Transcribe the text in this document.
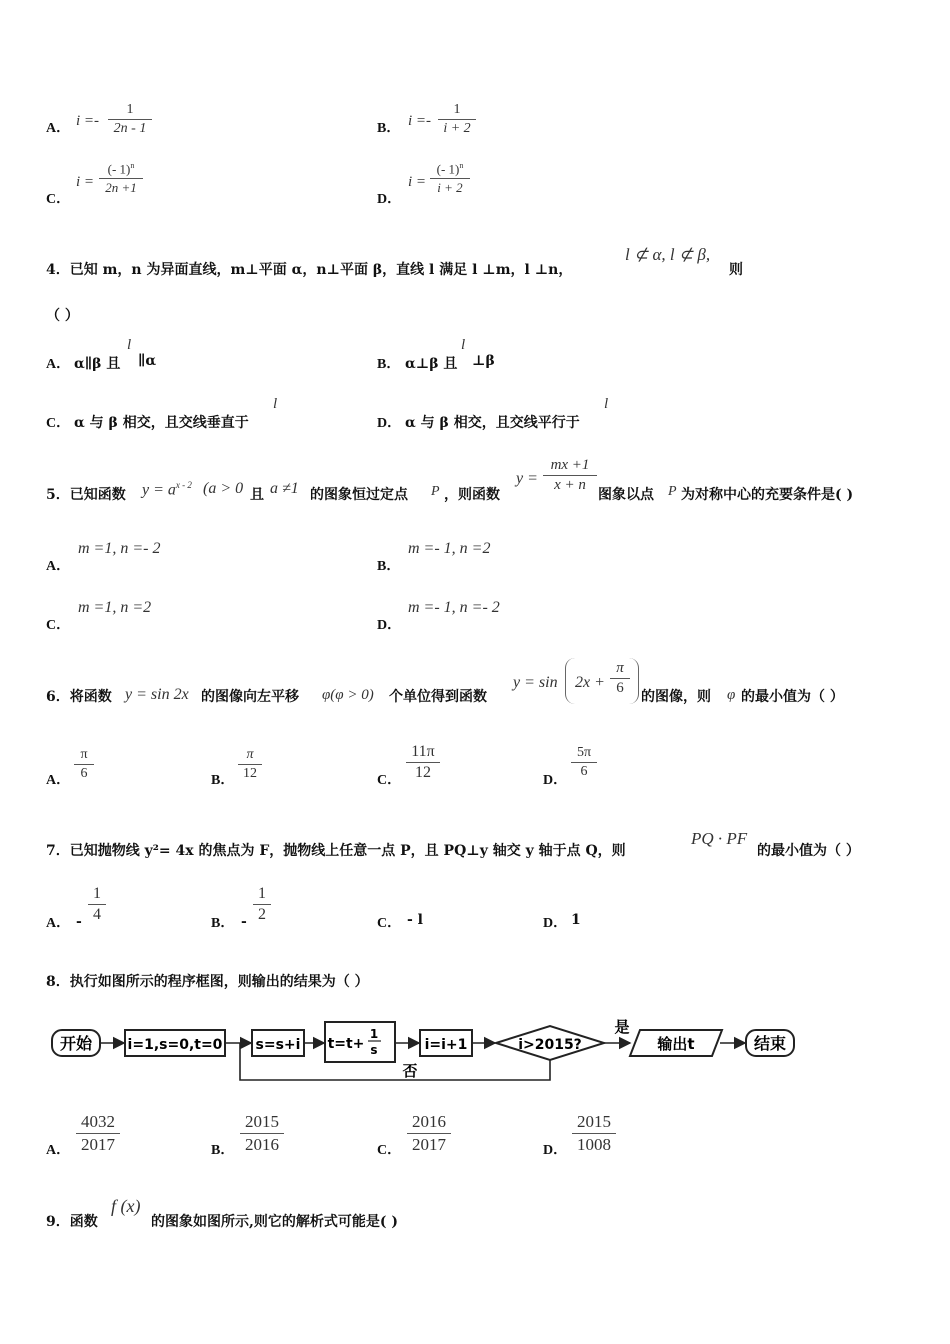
A． i =-
1
2n - 1	B． i =-
1
i + 2
C．
i =
(- 1)$^n$
2n +1
D．
i =
(- 1)$^n$
i + 2
4．已知 m，n 为异面直线，m⊥平面 α，n⊥平面 β，直线 l 满足 l ⊥m，l ⊥n，
l ⊄ α, l ⊄ β,
则
（ ）
A． α∥β 且
l
∥α	B． α⊥β 且
l
⊥β
C． α 与 β 相交，且交线垂直于
l
D． α 与 β 相交，且交线平行于
l
5．已知函数 $y = a^{x - 2}$ (a > 0 且 a ≠1 的图象恒过定点 P ，则函数
y =
mx +1
x + n
图象以点 P 为对称中心的充要条件是( )
A．
m =1, n =- 2
B．
m =- 1, n =2
C．
m =1, n =2
D．
m =- 1, n =- 2
6．将函数 y = sin 2x 的图像向左平移 φ(φ > 0) 个单位得到函数
y = sin 2x +
π
6
的图像，则 φ 的最小值为（ ）
A．
π
6	B．
π
12	C．
11π
12	D．
5π
6
7．已知抛物线 y²= 4x 的焦点为 F，抛物线上任意一点 P，且 PQ⊥y 轴交 y 轴于点 Q，则
PQ · PF
的最小值为（ ）
A． -
1
4
B． -
1
2
C． - l	D． 1
8．执行如图所示的程序框图，则输出的结果为（ ）
开始	i=1,s=0,t=0 s=s+i t=t+
1
s	i=i+1	i>2015?
是
输出t	结束
否
A．
4032
2017	B．
2015
2016	C．
2016
2017	D．
2015
1008
9．函数
f (x)
的图象如图所示,则它的解析式可能是( )
